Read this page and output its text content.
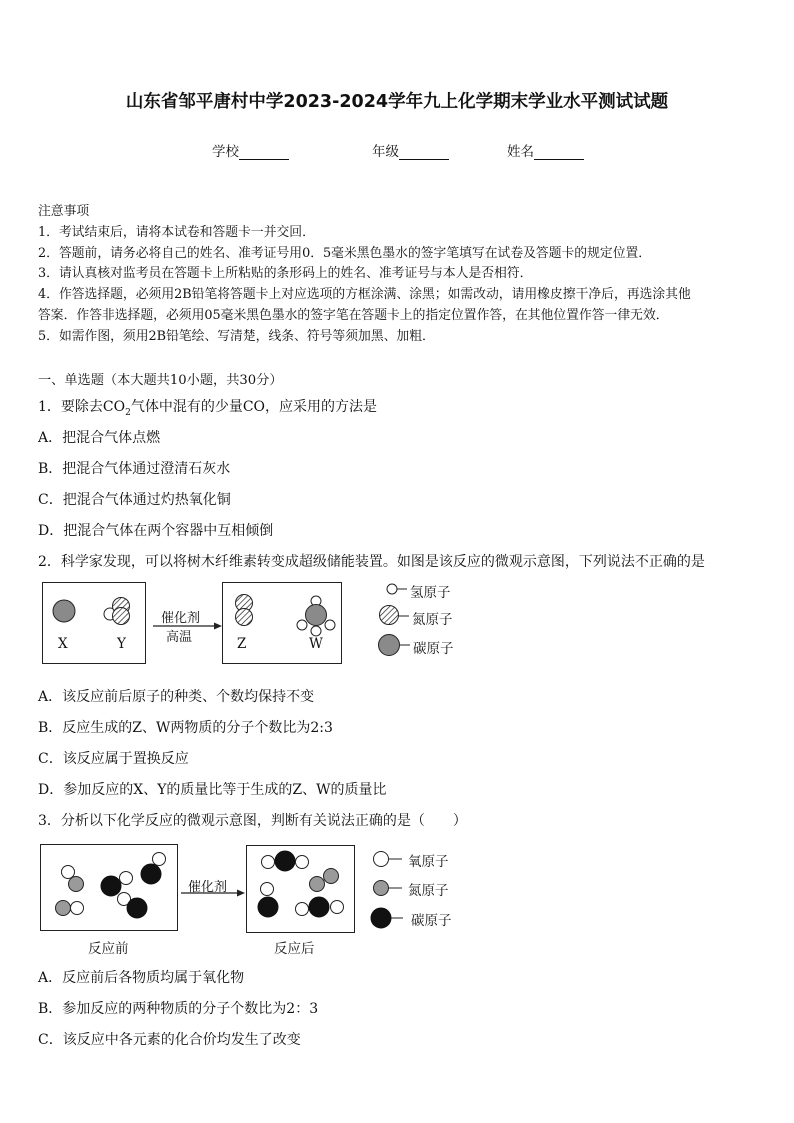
山东省邹平唐村中学2023-2024学年九上化学期末学业水平测试试题
学校	年级	姓名
注意事项
1．考试结束后，请将本试卷和答题卡一并交回．
2．答题前，请务必将自己的姓名、准考证号用0．5毫米黑色墨水的签字笔填写在试卷及答题卡的规定位置．
3．请认真核对监考员在答题卡上所粘贴的条形码上的姓名、准考证号与本人是否相符．
4．作答选择题，必须用2B铅笔将答题卡上对应选项的方框涂满、涂黑；如需改动，请用橡皮擦干净后，再选涂其他
答案．作答非选择题，必须用05毫米黑色墨水的签字笔在答题卡上的指定位置作答，在其他位置作答一律无效．
5．如需作图，须用2B铅笔绘、写清楚，线条、符号等须加黑、加粗．
一、单选题（本大题共10小题，共30分）
1．要除去$CO_2$气体中混有的少量CO，应采用的方法是
A．把混合气体点燃
B．把混合气体通过澄清石灰水
C．把混合气体通过灼热氧化铜
D．把混合气体在两个容器中互相倾倒
2．科学家发现，可以将树木纤维素转变成超级储能装置。如图是该反应的微观示意图，下列说法不正确的是
X	Y	Z	W
催化剂
高温
氢原子
氮原子
碳原子
A．该反应前后原子的种类、个数均保持不变
B．反应生成的Z、W两物质的分子个数比为2:3
C．该反应属于置换反应
D．参加反应的X、Y的质量比等于生成的Z、W的质量比
3．分析以下化学反应的微观示意图，判断有关说法正确的是（　　）
催化剂
反应前	反应后
氧原子
氮原子
碳原子
A．反应前后各物质均属于氧化物
B．参加反应的两种物质的分子个数比为2：3
C．该反应中各元素的化合价均发生了改变
